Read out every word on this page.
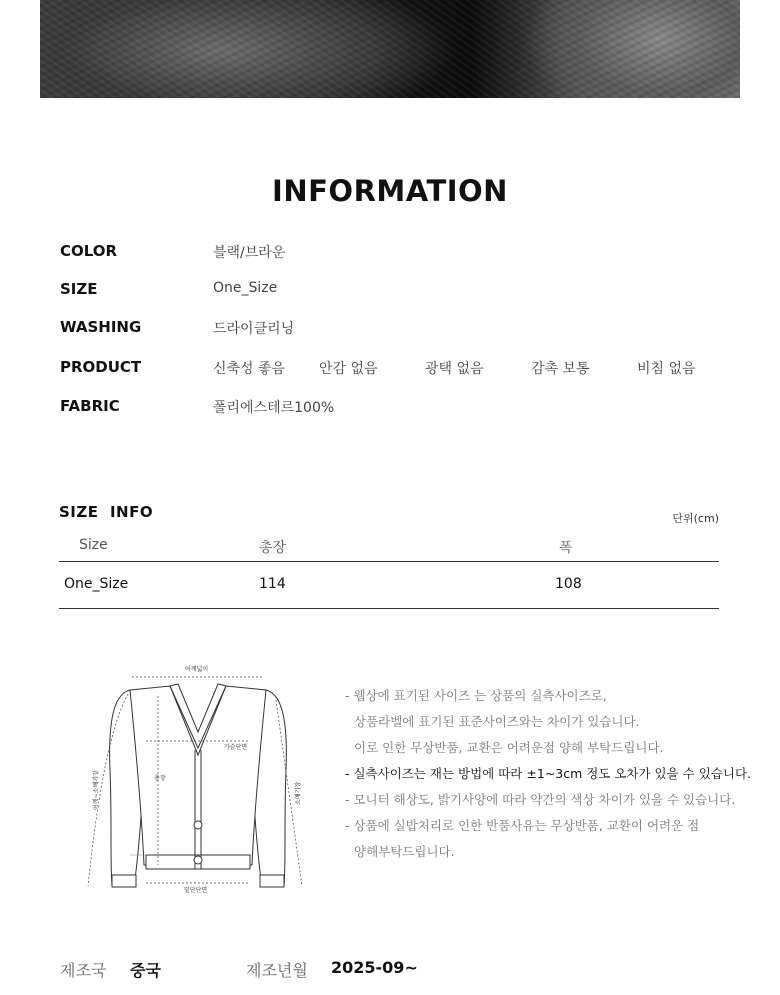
INFORMATION
COLOR	블랙/브라운
SIZE	One_Size
WASHING	드라이클리닝
PRODUCT	신축성 좋음 안감 없음	광택 없음	감촉 보통	비침 없음
FABRIC	폴리에스테르100%
SIZE  INFO	단위(cm)
Size	총장	폭
One_Size	114	108
어깨넓이
가슴단면
총장
밑단단면
어깨~소매기장	소매기장
- 웹상에 표기된 사이즈 는 상품의 실측사이즈로,
상품라벨에 표기된 표준사이즈와는 차이가 있습니다.
이로 인한 무상반품, 교환은 어려운점 양해 부탁드립니다.
- 실측사이즈는 재는 방법에 따라 ±1~3cm 정도 오차가 있을 수 있습니다.
- 모니터 해상도, 밝기사양에 따라 약간의 색상 차이가 있을 수 있습니다.
- 상품에 실밥처리로 인한 반품사유는 무상반품, 교환이 어려운 점
양해부탁드립니다.
제조국 중국	제조년월 2025-09~
